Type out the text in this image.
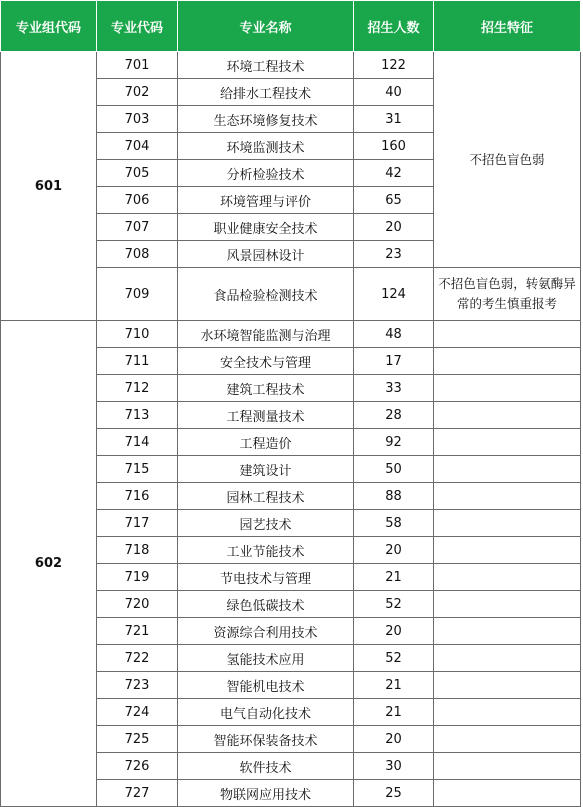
专业组代码	专业代码	专业名称	招生人数	招生特征
601	701	环境工程技术	122	不招色盲色弱
	702	给排水工程技术	40	
	703	生态环境修复技术	31	
	704	环境监测技术	160	
	705	分析检验技术	42	
	706	环境管理与评价	65	
	707	职业健康安全技术	20	
	708	风景园林设计	23	
	709	食品检验检测技术	124	不招色盲色弱，转氨酶异常的考生慎重报考
602	710	水环境智能监测与治理	48	
	711	安全技术与管理	17	
	712	建筑工程技术	33	
	713	工程测量技术	28	
	714	工程造价	92	
	715	建筑设计	50	
	716	园林工程技术	88	
	717	园艺技术	58	
	718	工业节能技术	20	
	719	节电技术与管理	21	
	720	绿色低碳技术	52	
	721	资源综合利用技术	20	
	722	氢能技术应用	52	
	723	智能机电技术	21	
	724	电气自动化技术	21	
	725	智能环保装备技术	20	
	726	软件技术	30	
	727	物联网应用技术	25	
